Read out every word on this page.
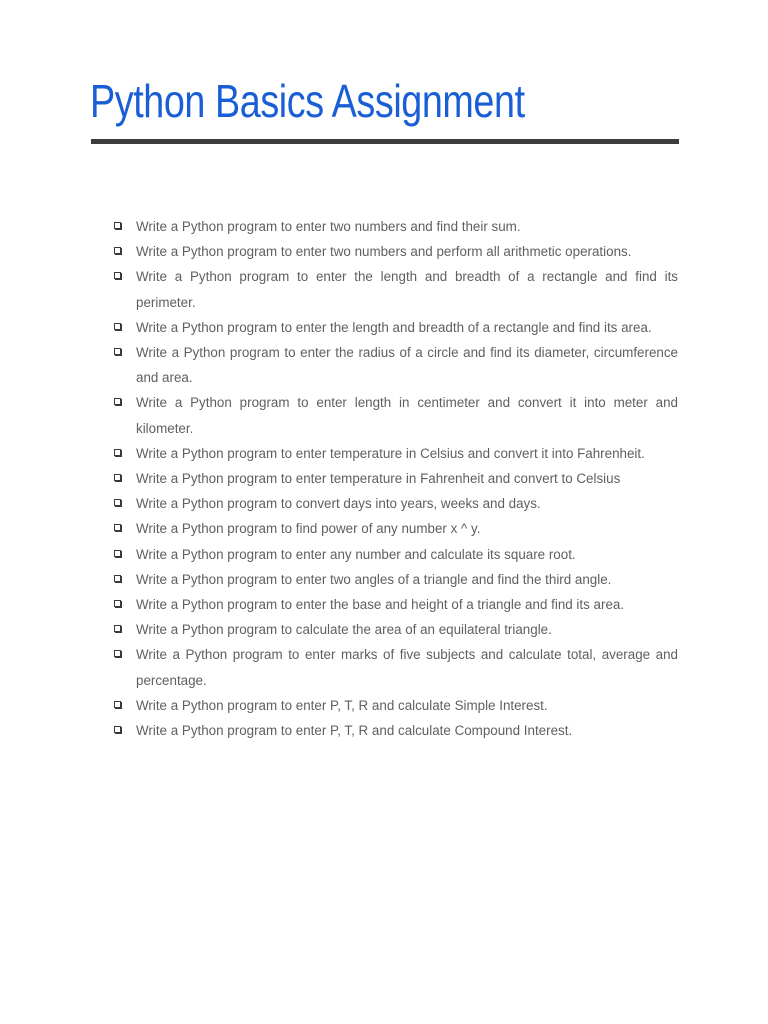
Python Basics Assignment
Write a Python program to enter two numbers and find their sum.
Write a Python program to enter two numbers and perform all arithmetic operations.
Write a Python program to enter the length and breadth of a rectangle and find its perimeter.
Write a Python program to enter the length and breadth of a rectangle and find its area.
Write a Python program to enter the radius of a circle and find its diameter, circumference and area.
Write a Python program to enter length in centimeter and convert it into meter and kilometer.
Write a Python program to enter temperature in Celsius and convert it into Fahrenheit.
Write a Python program to enter temperature in Fahrenheit and convert to Celsius
Write a Python program to convert days into years, weeks and days.
Write a Python program to find power of any number x ^ y.
Write a Python program to enter any number and calculate its square root.
Write a Python program to enter two angles of a triangle and find the third angle.
Write a Python program to enter the base and height of a triangle and find its area.
Write a Python program to calculate the area of an equilateral triangle.
Write a Python program to enter marks of five subjects and calculate total, average and percentage.
Write a Python program to enter P, T, R and calculate Simple Interest.
Write a Python program to enter P, T, R and calculate Compound Interest.
